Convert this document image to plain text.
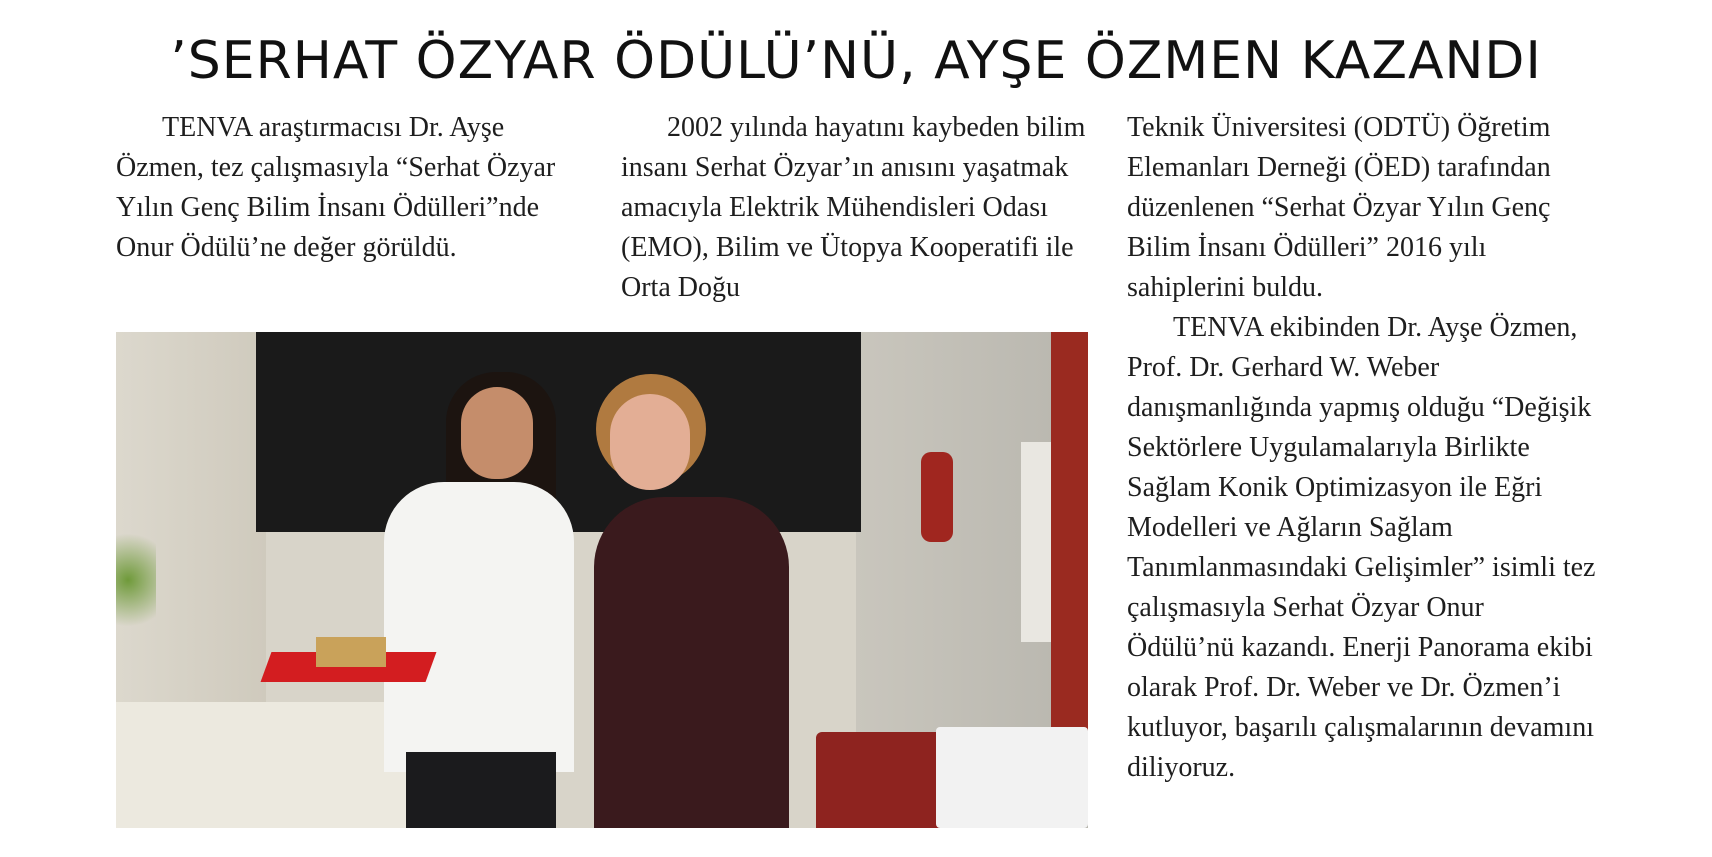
’SERHAT ÖZYAR ÖDÜLÜ’NÜ, AYŞE ÖZMEN KAZANDI

TENVA araştırmacısı Dr. Ayşe Özmen, tez çalışmasıyla “Serhat Özyar Yılın Genç Bilim İnsanı Ödülleri”nde Onur Ödülü’ne değer görüldü.

2002 yılında hayatını kaybeden bilim insanı Serhat Özyar’ın anısını yaşatmak amacıyla Elektrik Mühendisleri Odası (EMO), Bilim ve Ütopya Kooperatifi ile Orta Doğu

Teknik Üniversitesi (ODTÜ) Öğretim Elemanları Derneği (ÖED) tarafından düzenlenen “Serhat Özyar Yılın Genç Bilim İnsanı Ödülleri” 2016 yılı sahiplerini buldu.

TENVA ekibinden Dr. Ayşe Özmen, Prof. Dr. Gerhard W. Weber danışmanlığında yapmış olduğu “Değişik Sektörlere Uygulamalarıyla Birlikte Sağlam Konik Optimizasyon ile Eğri Modelleri ve Ağların Sağlam Tanımlanmasındaki Gelişimler” isimli tez çalışmasıyla Serhat Özyar Onur Ödülü’nü kazandı. Enerji Panorama ekibi olarak Prof. Dr. Weber ve Dr. Özmen’i kutluyor, başarılı çalışmalarının devamını diliyoruz.
